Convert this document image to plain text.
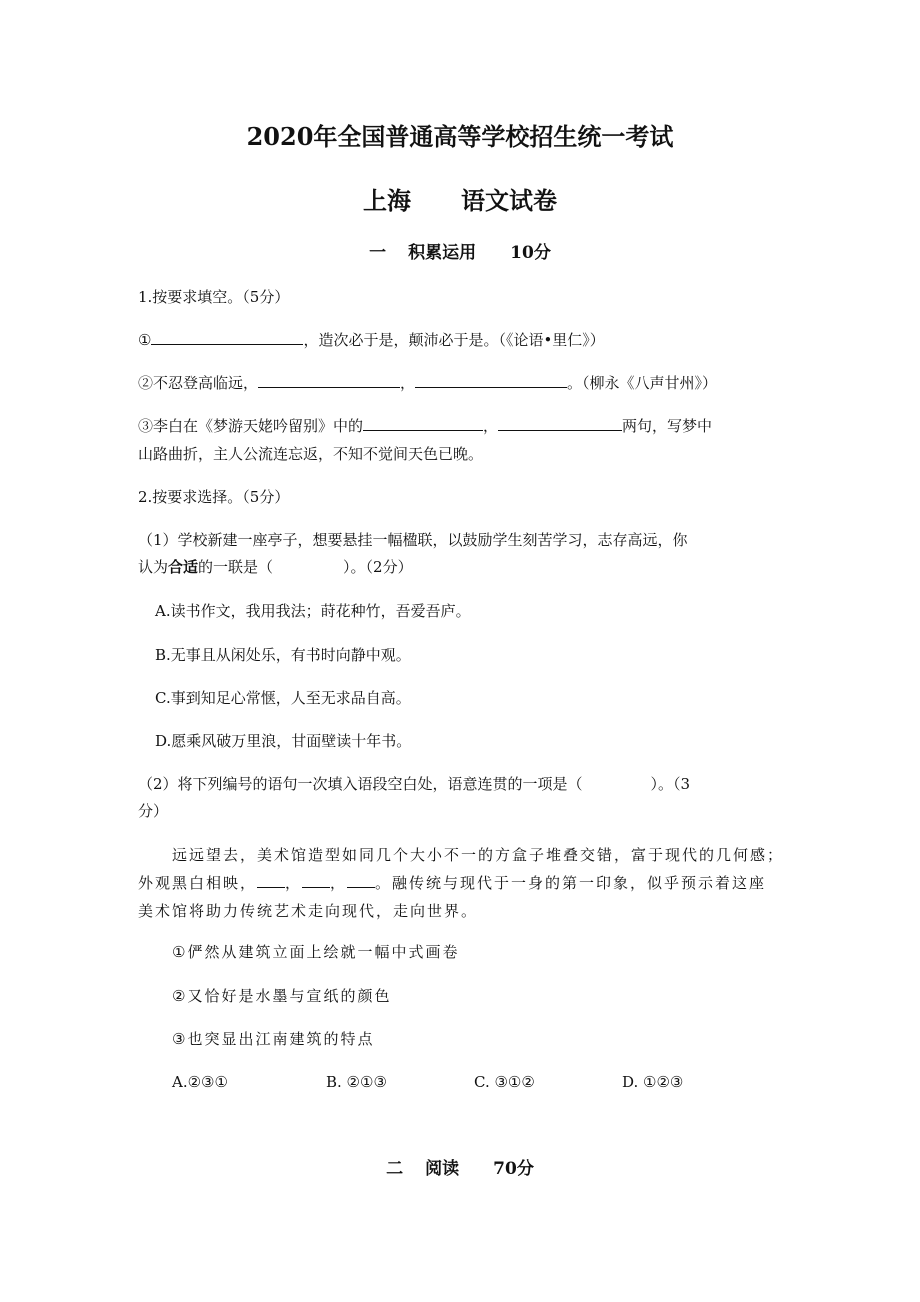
2020年全国普通高等学校招生统一考试
上海 语文试卷
一 积累运用 10分
1.按要求填空。（5分）
①	，造次必于是，颠沛必于是。（《论语•里仁》）
②不忍登高临远，	，	。（柳永《八声甘州》）
③李白在《梦游天姥吟留别》中的	，	两句，写梦中
山路曲折，主人公流连忘返，不知不觉间天色已晚。
2.按要求选择。（5分）
（1）学校新建一座亭子，想要悬挂一幅楹联，以鼓励学生刻苦学习，志存高远，你
认为合适的一联是（	）。（2分）
A.读书作文，我用我法；莳花种竹，吾爱吾庐。
B.无事且从闲处乐，有书时向静中观。
C.事到知足心常惬，人至无求品自高。
D.愿乘风破万里浪，甘面壁读十年书。
（2）将下列编号的语句一次填入语段空白处，语意连贯的一项是（	）。（3
分）
远远望去，美术馆造型如同几个大小不一的方盒子堆叠交错，富于现代的几何感；
外观黑白相映， ， ， 。融传统与现代于一身的第一印象，似乎预示着这座
美术馆将助力传统艺术走向现代，走向世界。
①俨然从建筑立面上绘就一幅中式画卷
②又恰好是水墨与宣纸的颜色
③也突显出江南建筑的特点
A.②③①	B. ②①③	C. ③①②	D. ①②③
二 阅读 70分
